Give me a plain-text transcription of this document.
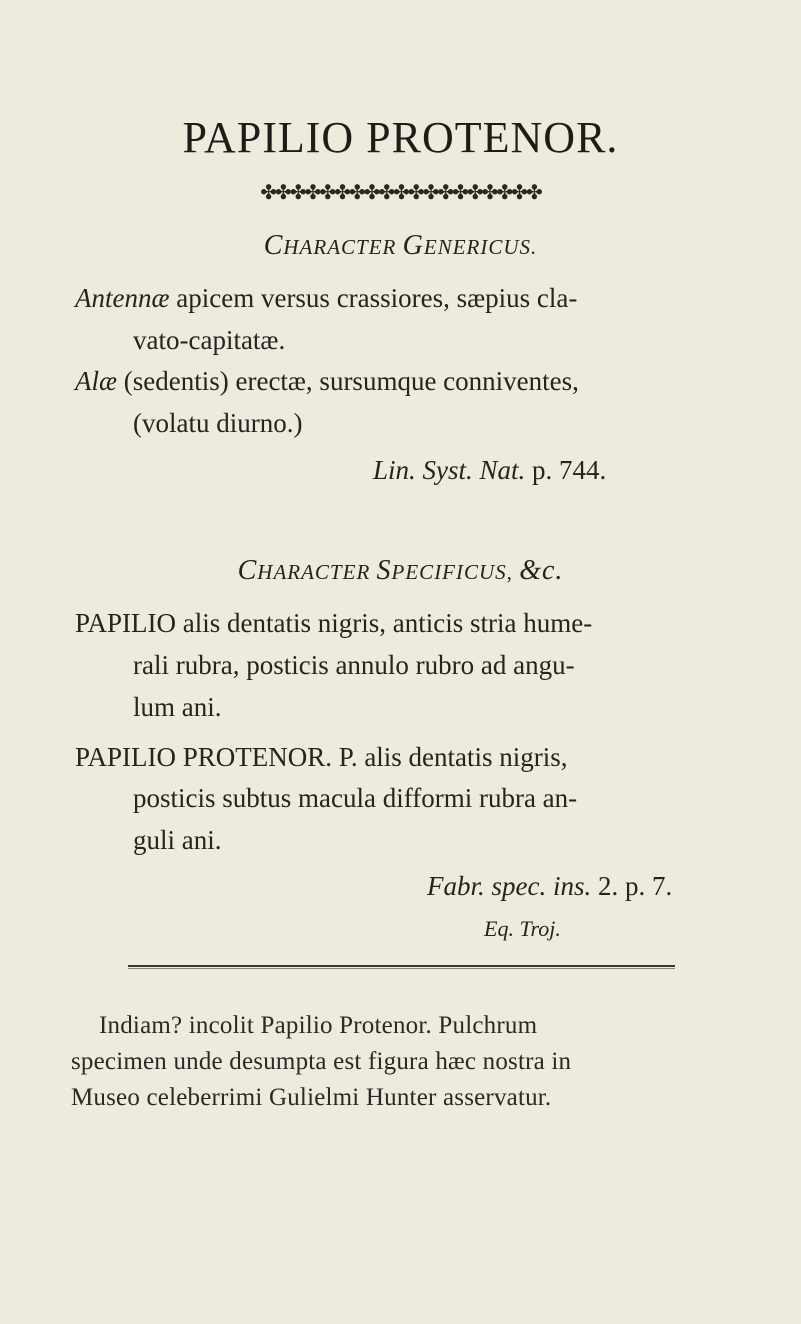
PAPILIO PROTENOR.
✤✤✤✤✤✤✤✤✤✤✤✤✤✤✤✤✤✤✤
CHARACTER GENERICUS.
Antennæ apicem versus crassiores, sæpius cla-
vato-capitatæ.
Alæ (sedentis) erectæ, sursumque conniventes,
(volatu diurno.)
Lin. Syst. Nat. p. 744.
CHARACTER SPECIFICUS, &c.
PAPILIO alis dentatis nigris, anticis stria hume-
rali rubra, posticis annulo rubro ad angu-
lum ani.
PAPILIO PROTENOR. P. alis dentatis nigris,
posticis subtus macula difformi rubra an-
guli ani.
Fabr. spec. ins. 2. p. 7.
Eq. Troj.
Indiam? incolit Papilio Protenor. Pulchrum
specimen unde desumpta est figura hæc nostra in
Museo celeberrimi Gulielmi Hunter asservatur.
